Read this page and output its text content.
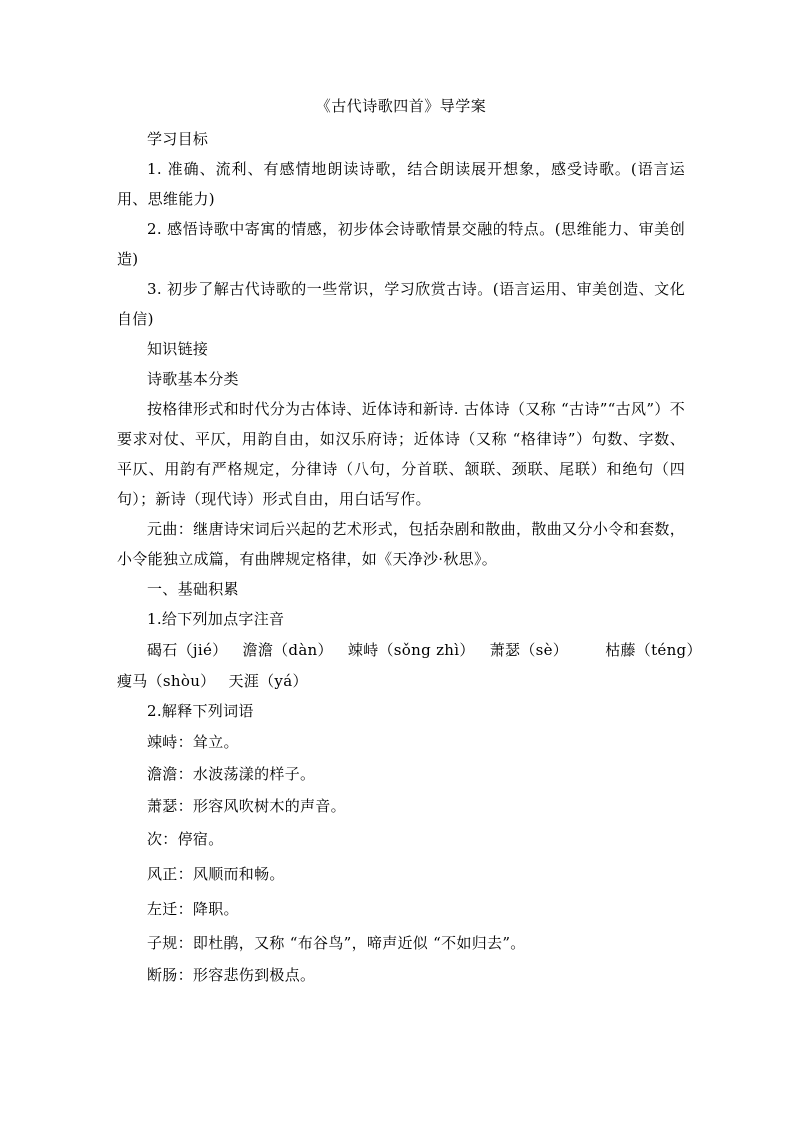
《古代诗歌四首》导学案

学习目标

1. 准确、流利、有感情地朗读诗歌，结合朗读展开想象，感受诗歌。(语言运用、思维能力)

2. 感悟诗歌中寄寓的情感，初步体会诗歌情景交融的特点。(思维能力、审美创造)

3. 初步了解古代诗歌的一些常识，学习欣赏古诗。(语言运用、审美创造、文化自信)

知识链接

诗歌基本分类

按格律形式和时代分为古体诗、近体诗和新诗. 古体诗（又称 “古诗”“古风”）不要求对仗、平仄，用韵自由，如汉乐府诗；近体诗（又称 “格律诗”）句数、字数、平仄、用韵有严格规定，分律诗（八句，分首联、颔联、颈联、尾联）和绝句（四句）；新诗（现代诗）形式自由，用白话写作。

元曲：继唐诗宋词后兴起的艺术形式，包括杂剧和散曲，散曲又分小令和套数，小令能独立成篇，有曲牌规定格律，如《天净沙·秋思》。

一、基础积累

1.给下列加点字注音

碣石（jié） 澹澹（dàn） 竦峙（sǒng zhì） 萧瑟（sè） 枯藤（téng）

瘦马（shòu） 天涯（yá）

2.解释下列词语

竦峙：耸立。

澹澹：水波荡漾的样子。

萧瑟：形容风吹树木的声音。

次：停宿。

风正：风顺而和畅。

左迁：降职。

子规：即杜鹃，又称 “布谷鸟”，啼声近似 “不如归去”。

断肠：形容悲伤到极点。
